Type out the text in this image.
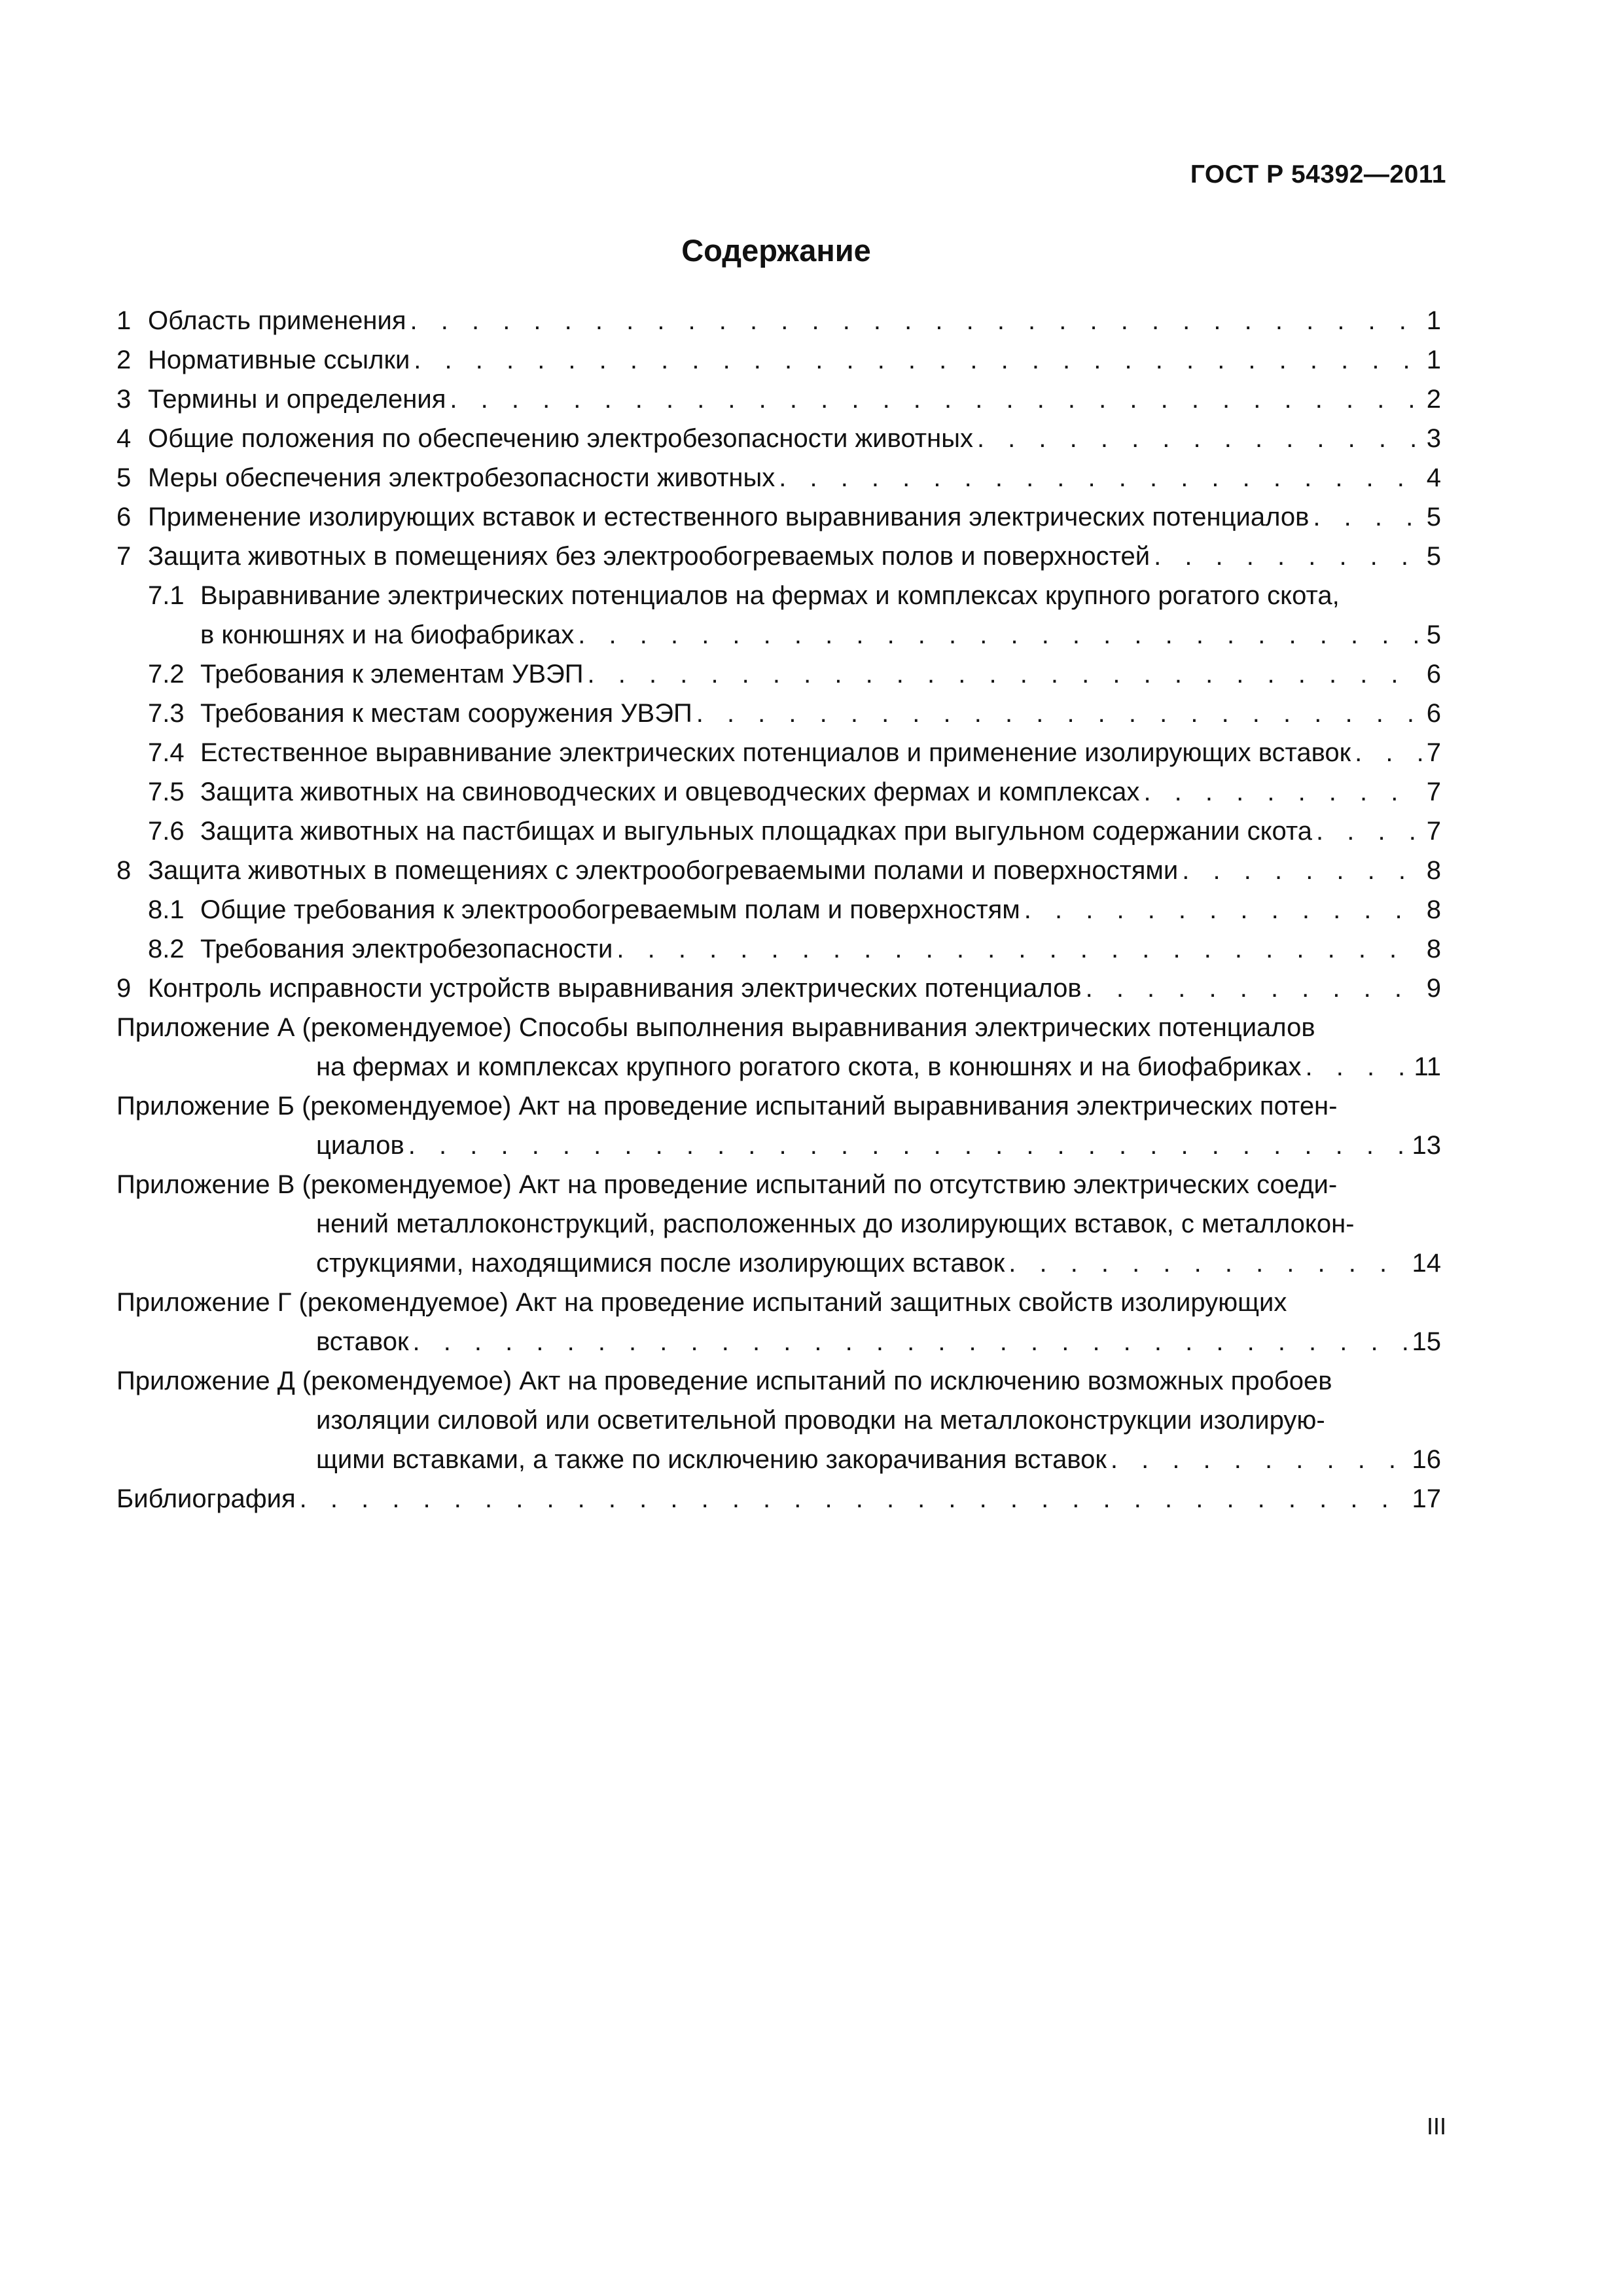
ГОСТ Р 54392—2011
Содержание
1 Область применения . . .	1
2 Нормативные ссылки . . .	1
3 Термины и определения . . .	2
4 Общие положения по обеспечению электробезопасности животных . . .	3
5 Меры обеспечения электробезопасности животных . . .	4
6 Применение изолирующих вставок и естественного выравнивания электрических потенциалов . . .	5
7 Защита животных в помещениях без электрообогреваемых полов и поверхностей . . .	5
7.1 Выравнивание электрических потенциалов на фермах и комплексах крупного рогатого скота,
в конюшнях и на биофабриках . . .	5
7.2 Требования к элементам УВЭП . . .	6
7.3 Требования к местам сооружения УВЭП . . .	6
7.4 Естественное выравнивание электрических потенциалов и применение изолирующих вставок . . .	7
7.5 Защита животных на свиноводческих и овцеводческих фермах и комплексах . . .	7
7.6 Защита животных на пастбищах и выгульных площадках при выгульном содержании скота . . .	7
8 Защита животных в помещениях с электрообогреваемыми полами и поверхностями . . .	8
8.1 Общие требования к электрообогреваемым полам и поверхностям . . .	8
8.2 Требования электробезопасности . . .	8
9 Контроль исправности устройств выравнивания электрических потенциалов . . .	9
Приложение А (рекомендуемое) Способы выполнения выравнивания электрических потенциалов
на фермах и комплексах крупного рогатого скота, в конюшнях и на биофабриках . . .	11
Приложение Б (рекомендуемое) Акт на проведение испытаний выравнивания электрических потен-
циалов . . .	13
Приложение В (рекомендуемое) Акт на проведение испытаний по отсутствию электрических соеди-
нений металлоконструкций, расположенных до изолирующих вставок, с металлокон-
струкциями, находящимися после изолирующих вставок . . .	14
Приложение Г (рекомендуемое) Акт на проведение испытаний защитных свойств изолирующих
вставок . . .	15
Приложение Д (рекомендуемое) Акт на проведение испытаний по исключению возможных пробоев
изоляции силовой или осветительной проводки на металлоконструкции изолирую-
щими вставками, а также по исключению закорачивания вставок . . .	16
Библиография . . .	17
III
